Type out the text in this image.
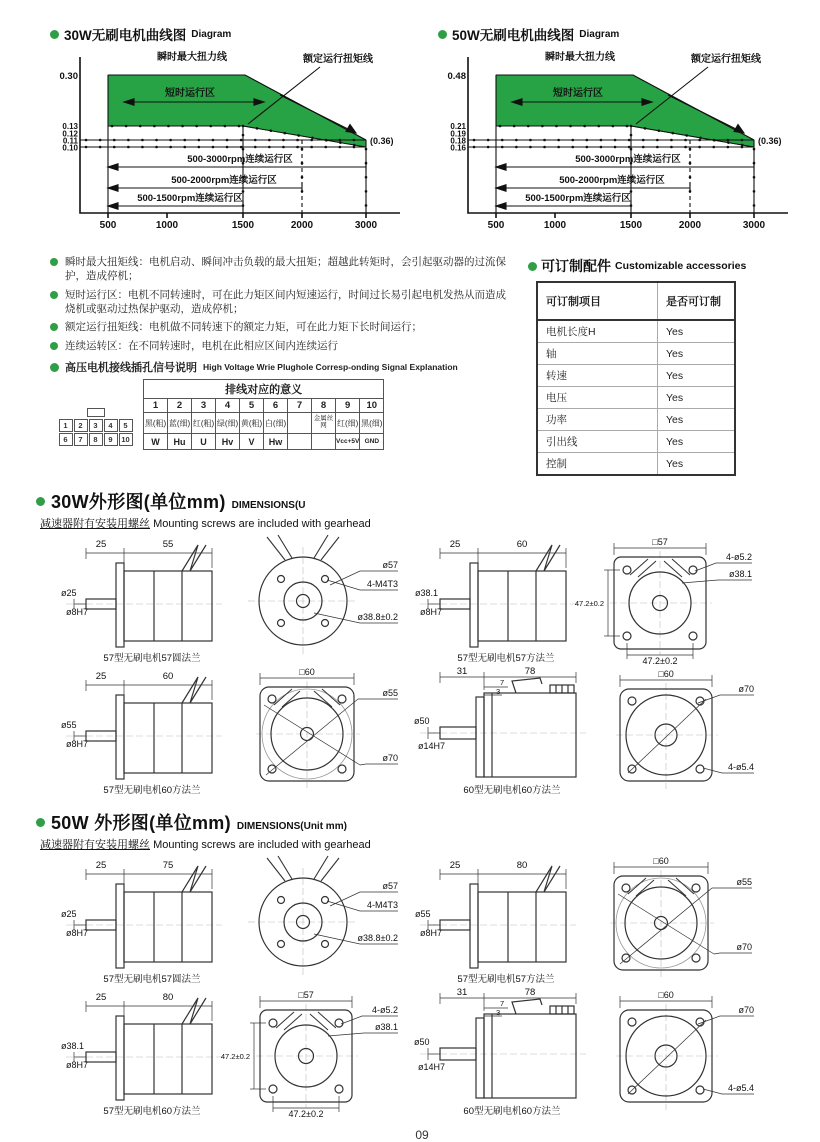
30W无刷电机曲线图 Diagram
0.30
0.13
0.12
0.11
0.10
500	1000	1500	2000	3000
瞬时最大扭力线	额定运行扭矩线
短时运行区
(0.36)
500-3000rpm连续运行区
500-2000rpm连续运行区
500-1500rpm连续运行区
50W无刷电机曲线图 Diagram
0.48
0.21
0.19
0.18
0.16
500	1000	1500	2000	3000
瞬时最大扭力线	额定运行扭矩线
短时运行区
(0.36)
500-3000rpm连续运行区
500-2000rpm连续运行区
500-1500rpm连续运行区
瞬时最大扭矩线：电机启动、瞬间冲击负载的最大扭矩；超越此转矩时，会引起驱动器的过流保护，造成停机；
短时运行区：电机不同转速时，可在此力矩区间内短速运行，时间过长易引起电机发热从而造成烧机或驱动过热保护驱动，造成停机；
额定运行扭矩线：电机做不同转速下的额定力矩，可在此力矩下长时间运行；
连续运转区：在不同转速时，电机在此相应区间内连续运行
高压电机接线插孔信号说明 High Voltage Wrie Plughole Corresp-onding Signal Explanation
1	2	3	4	5
6	7	8	9	10
排线对应的意义									
1	2	3	4	5	6	7	8	9	10
黑(粗)	蓝(细)	红(粗)	绿(细)	黄(粗)	白(细)		金属丝网	红(细)	黑(细)
W	Hu	U	Hv	V	Hw			Vcc+5V	GND
可订制配件 Customizable accessories
可订制项目	是否可订制
电机长度H	Yes
轴	Yes
转速	Yes
电压	Yes
功率	Yes
引出线	Yes
控制	Yes
30W外形图(单位mm) DIMENSIONS(U
减速器附有安装用螺丝 Mounting screws are included with gearhead
25	55
ø25
ø8H7
ø57
4-M4T3
ø38.8±0.2
57型无刷电机57圆法兰
25	60
ø38.1
ø8H7
□57
4-ø5.2
ø38.1
47.2±0.2
47.2±0.2
57型无刷电机57方法兰
25	60
ø55
ø8H7
□60
ø55
ø70
57型无刷电机60方法兰
31	78
7
3
ø50
ø14H7
□60
ø70
4-ø5.4
60型无刷电机60方法兰
50W 外形图(单位mm) DIMENSIONS(Unit mm)
减速器附有安装用螺丝 Mounting screws are included with gearhead
25	75
ø25
ø8H7
ø57
4-M4T3
ø38.8±0.2
57型无刷电机57圆法兰
25	80
ø55
ø8H7
□60
ø55
ø70
57型无刷电机57方法兰
25	80
ø38.1
ø8H7
□57
4-ø5.2
ø38.1
47.2±0.2
47.2±0.2
57型无刷电机60方法兰
31	78
7
3
ø50
ø14H7
□60
ø70
4-ø5.4
60型无刷电机60方法兰
09
